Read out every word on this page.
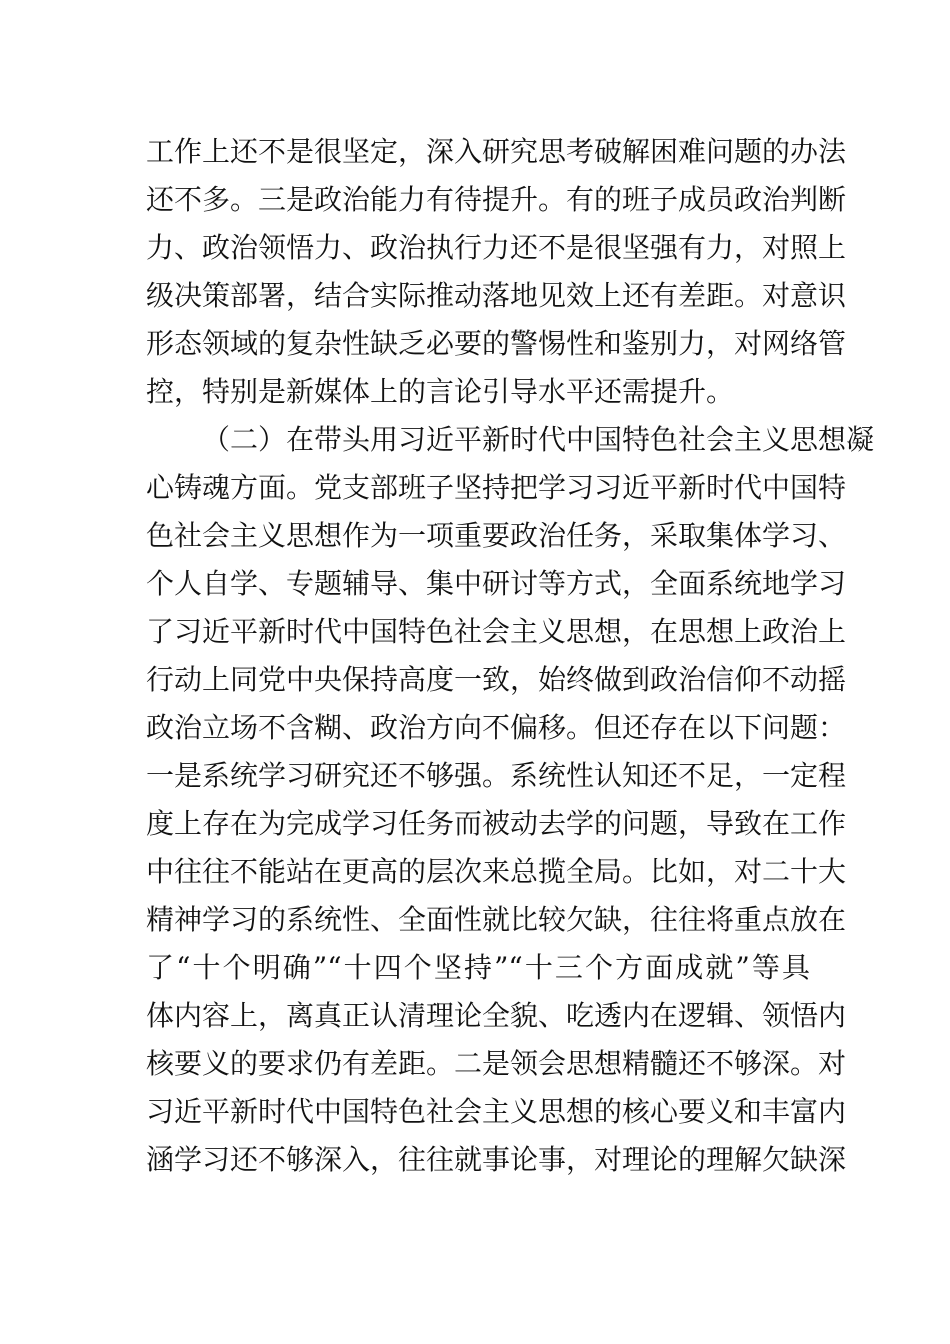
工作上还不是很坚定，深入研究思考破解困难问题的办法
还不多。三是政治能力有待提升。有的班子成员政治判断
力、政治领悟力、政治执行力还不是很坚强有力，对照上
级决策部署，结合实际推动落地见效上还有差距。对意识
形态领域的复杂性缺乏必要的警惕性和鉴别力，对网络管
控，特别是新媒体上的言论引导水平还需提升。
（二）在带头用习近平新时代中国特色社会主义思想凝
心铸魂方面。党支部班子坚持把学习习近平新时代中国特
色社会主义思想作为一项重要政治任务，采取集体学习、
个人自学、专题辅导、集中研讨等方式，全面系统地学习
了习近平新时代中国特色社会主义思想，在思想上政治上
行动上同党中央保持高度一致，始终做到政治信仰不动摇
政治立场不含糊、政治方向不偏移。但还存在以下问题：
一是系统学习研究还不够强。系统性认知还不足，一定程
度上存在为完成学习任务而被动去学的问题，导致在工作
中往往不能站在更高的层次来总揽全局。比如，对二十大
精神学习的系统性、全面性就比较欠缺，往往将重点放在
了“十个明确”“十四个坚持”“十三个方面成就”等具
体内容上，离真正认清理论全貌、吃透内在逻辑、领悟内
核要义的要求仍有差距。二是领会思想精髓还不够深。对
习近平新时代中国特色社会主义思想的核心要义和丰富内
涵学习还不够深入，往往就事论事，对理论的理解欠缺深
